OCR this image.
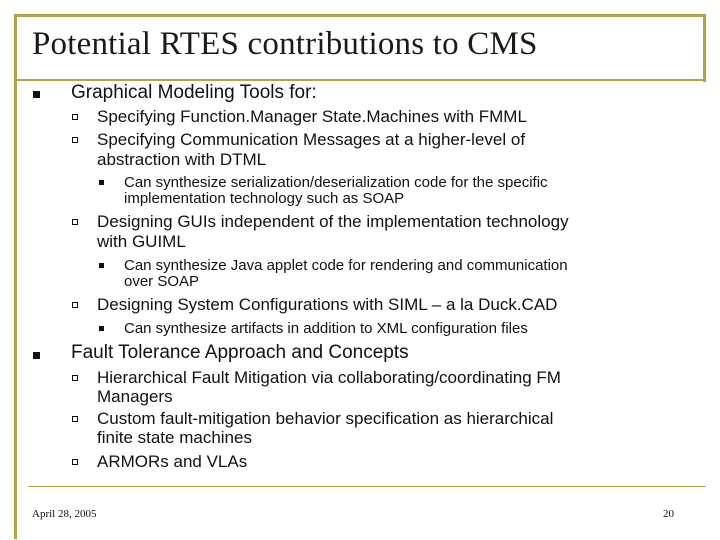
Potential RTES contributions to CMS
Graphical Modeling Tools for:
Specifying Function.Manager State.Machines with FMML
Specifying Communication Messages at a higher-level of
abstraction with DTML
Can synthesize serialization/deserialization code for the specific
implementation technology such as SOAP
Designing GUIs independent of the implementation technology
with GUIML
Can synthesize Java applet code for rendering and communication
over SOAP
Designing System Configurations with SIML – a la Duck.CAD
Can synthesize artifacts in addition to XML configuration files
Fault Tolerance Approach and Concepts
Hierarchical Fault Mitigation via collaborating/coordinating FM
Managers
Custom fault-mitigation behavior specification as hierarchical
finite state machines
ARMORs and VLAs
April 28, 2005	20
